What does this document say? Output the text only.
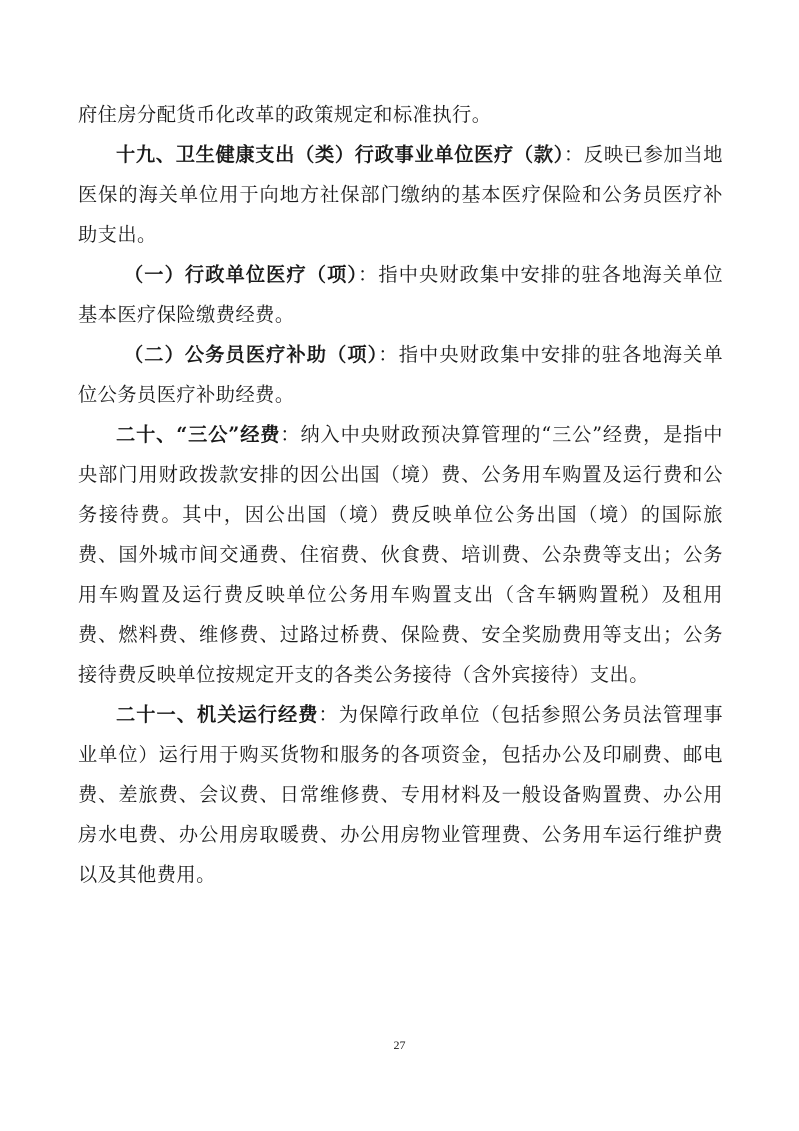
府住房分配货币化改革的政策规定和标准执行。

十九、卫生健康支出（类）行政事业单位医疗（款）：反映已参加当地医保的海关单位用于向地方社保部门缴纳的基本医疗保险和公务员医疗补助支出。

（一）行政单位医疗（项）：指中央财政集中安排的驻各地海关单位基本医疗保险缴费经费。

（二）公务员医疗补助（项）：指中央财政集中安排的驻各地海关单位公务员医疗补助经费。

二十、“三公”经费：纳入中央财政预决算管理的“三公”经费，是指中央部门用财政拨款安排的因公出国（境）费、公务用车购置及运行费和公务接待费。其中，因公出国（境）费反映单位公务出国（境）的国际旅费、国外城市间交通费、住宿费、伙食费、培训费、公杂费等支出；公务用车购置及运行费反映单位公务用车购置支出（含车辆购置税）及租用费、燃料费、维修费、过路过桥费、保险费、安全奖励费用等支出；公务接待费反映单位按规定开支的各类公务接待（含外宾接待）支出。

二十一、机关运行经费：为保障行政单位（包括参照公务员法管理事业单位）运行用于购买货物和服务的各项资金，包括办公及印刷费、邮电费、差旅费、会议费、日常维修费、专用材料及一般设备购置费、办公用房水电费、办公用房取暖费、办公用房物业管理费、公务用车运行维护费以及其他费用。

27
